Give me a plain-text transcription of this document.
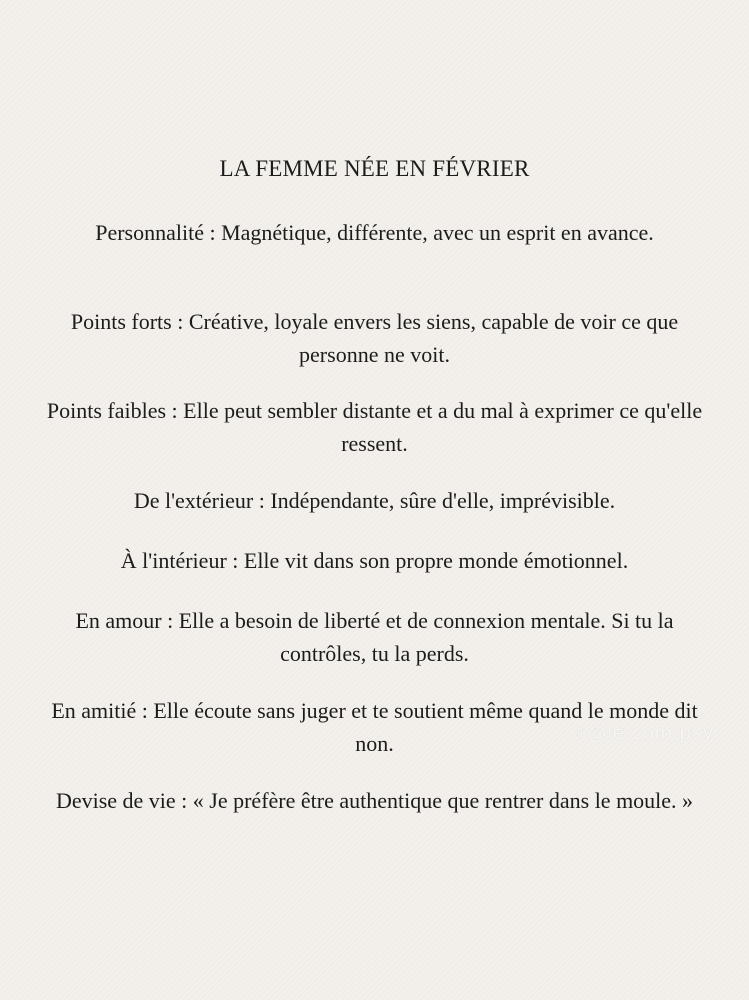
LA FEMME NÉE EN FÉVRIER

Personnalité : Magnétique, différente, avec un esprit en avance.

Points forts : Créative, loyale envers les siens, capable de voir ce que personne ne voit.

Points faibles : Elle peut sembler distante et a du mal à exprimer ce qu'elle ressent.

De l'extérieur : Indépendante, sûre d'elle, imprévisible.

À l'intérieur : Elle vit dans son propre monde émotionnel.

En amour : Elle a besoin de liberté et de connexion mentale. Si tu la contrôles, tu la perds.

En amitié : Elle écoute sans juger et te soutient même quand le monde dit non.

Devise de vie : « Je préfère être authentique que rentrer dans le moule. »

♪ @le.coin.psy
